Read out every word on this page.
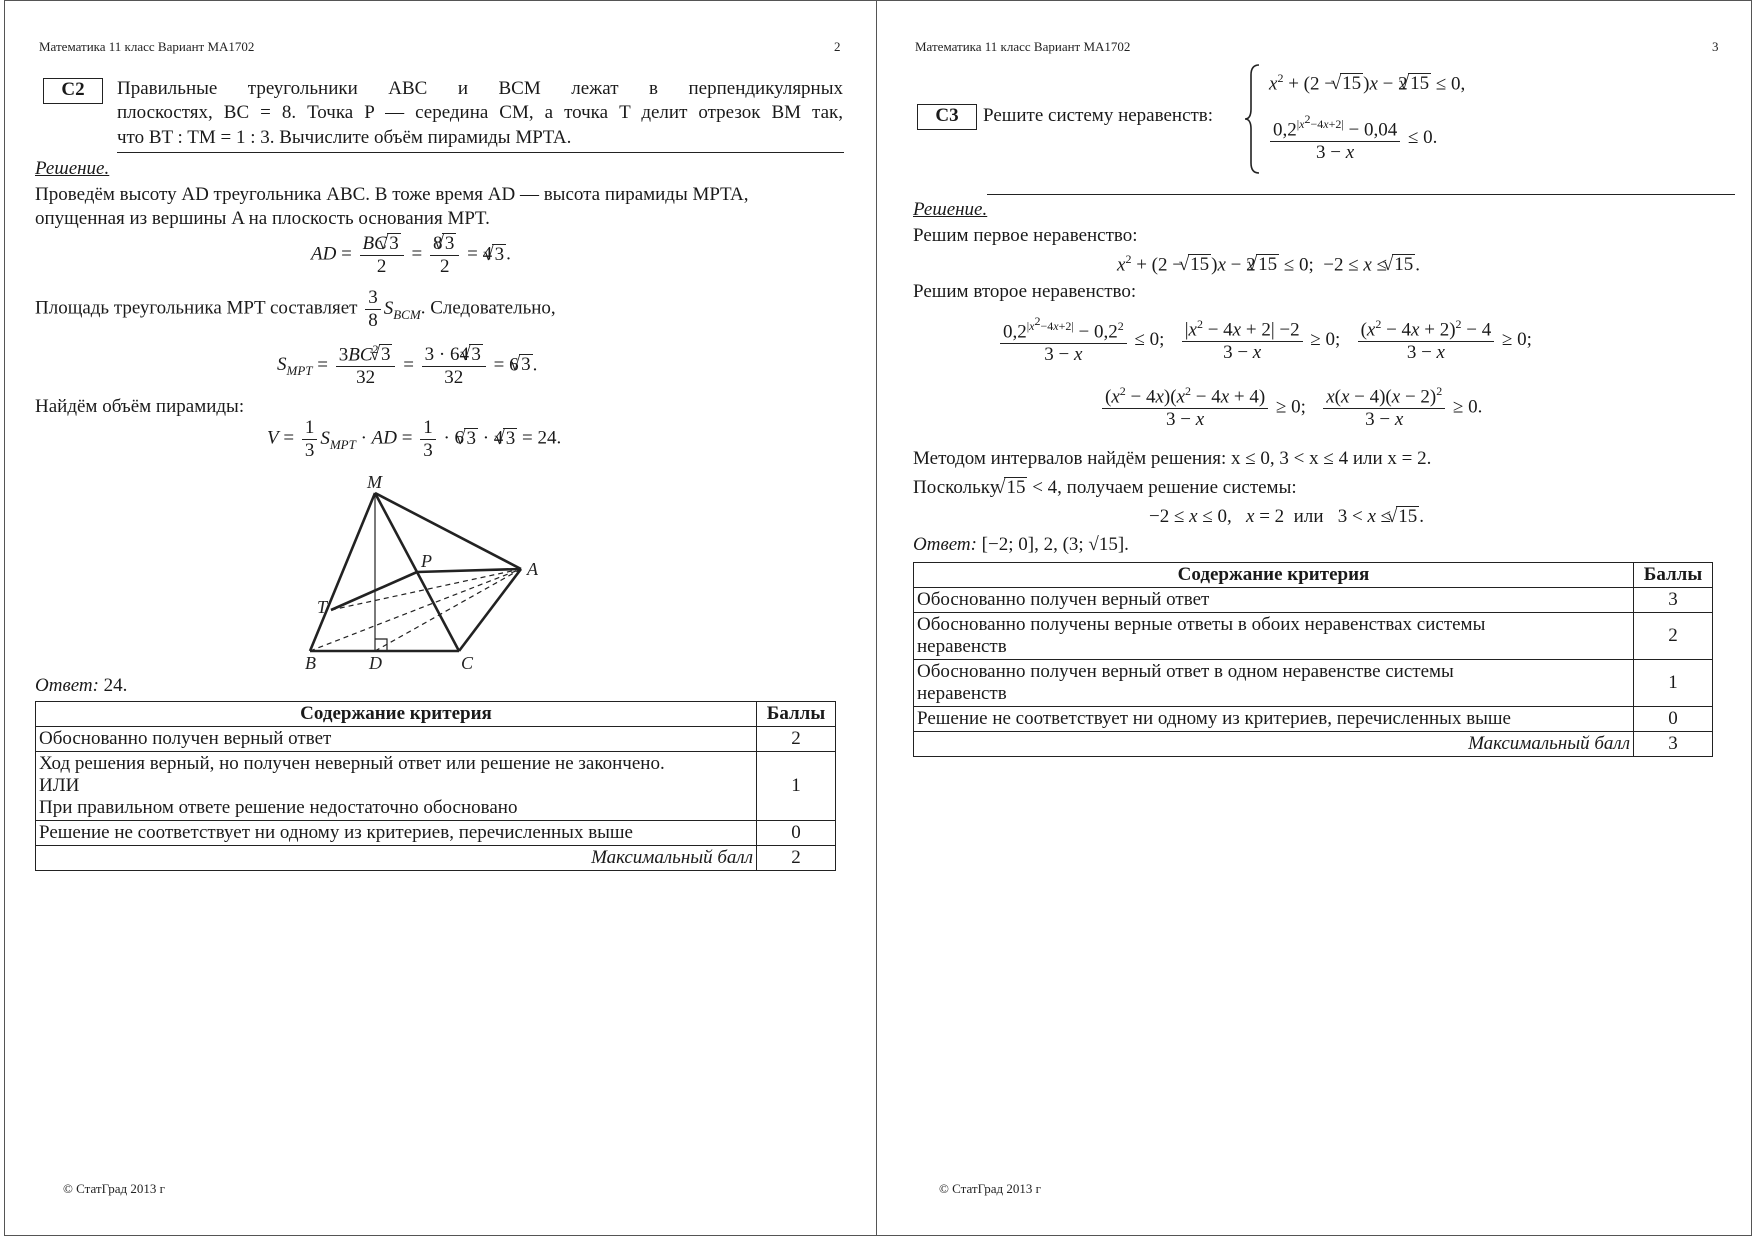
Математика 11 класс Вариант МА1702	2
C2	Правильные треугольники ABC и BCM лежат в перпендикулярных
плоскостях, BC = 8. Точка P — середина CM, а точка T делит отрезок BM так,
что BT : TM = 1 : 3. Вычислите объём пирамиды MPTA.
Решение.
Проведём высоту AD треугольника ABC. В тоже время AD — высота пирамиды MPTA,
опущенная из вершины A на плоскость основания MPT.
AD = $\frac{BC √ 3}{2} = \frac{8 √ 3}{2} = 4$ √ 3 .
Площадь треугольника MPT составляет $\frac{3}{8} S_{BCM}$. Следовательно,
$S_{MPT} = \frac{3BC^2 √ 3}{32} = \frac{3 \cdot 64 √ 3}{32} = 6$ √ 3 .
Найдём объём пирамиды:
$V = \frac{1}{3} S_{MPT}$ · AD = $\frac{1}{3} \cdot 6$ √ 3 · 4 √ 3 = 24.
M
P	A
T
B	D	C
Ответ: 24.
Содержание критерия	Баллы
Обоснованно получен верный ответ	2

Ход решения верный, но получен неверный ответ или решение не закончено.
ИЛИ
При правильном ответе решение недостаточно обосновано	1
Решение не соответствует ни одному из критериев, перечисленных выше	0
Максимальный балл	2
© СтатГрад 2013 г
Математика 11 класс Вариант МА1702	3
C3	Решите систему неравенств:
$x^2 + (2$ − √ 15 )x − 2 √ 15 ≤ 0,
$\frac{0,2^{|x^2-4x+2|} - 0,04}{3 - x} \le 0$.
Решение.
Решим первое неравенство:
$x^2 + (2$ − √ 15 )x − 2 √ 15 ≤ 0;  −2 ≤ x ≤ √ 15 .
Решим второе неравенство:
$\frac{0,2^{|x^2-4x+2|} - 0,2^2}{3 - x} \le 0$; $\frac{|x^2 - 4x + 2| -2}{3 - x} \ge 0$; $\frac{(x^2 - 4x + 2)^2 - 4}{3 - x} \ge 0$;
$\frac{(x^2 - 4x)(x^2 - 4x + 4)}{3 - x} \ge 0$; $\frac{x(x - 4)(x - 2)^2}{3 - x} \ge 0$.
Методом интервалов найдём решения: x ≤ 0, 3 < x ≤ 4 или x = 2.
Поскольку √ 15 < 4, получаем решение системы:
−2 ≤ x ≤ 0,   x = 2  или   3 < x ≤ √ 15 .
Ответ: [−2; 0], 2, (3; √15].
Содержание критерия	Баллы
Обоснованно получен верный ответ	3

Обоснованно получены верные ответы в обоих неравенствах системы
неравенств	2

Обоснованно получен верный ответ в одном неравенстве системы
неравенств	1
Решение не соответствует ни одному из критериев, перечисленных выше	0
Максимальный балл	3
© СтатГрад 2013 г
